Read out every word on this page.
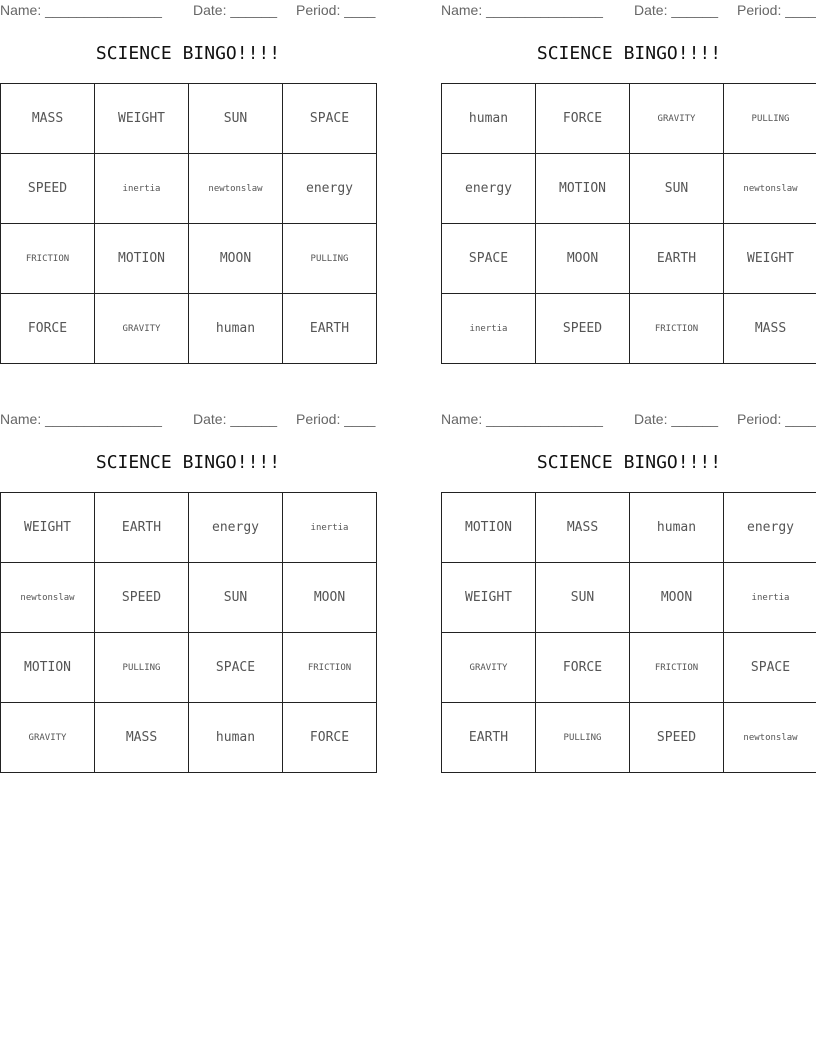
Name: _______________ Date: ______ Period: ____
SCIENCE BINGO!!!!
MASS	WEIGHT	SUN	SPACE
SPEED	inertia	newtonslaw	energy
FRICTION	MOTION	MOON	PULLING
FORCE	GRAVITY	human	EARTH
Name: _______________ Date: ______ Period: ____
SCIENCE BINGO!!!!
human	FORCE	GRAVITY	PULLING
energy	MOTION	SUN	newtonslaw
SPACE	MOON	EARTH	WEIGHT
inertia	SPEED	FRICTION	MASS
Name: _______________ Date: ______ Period: ____
SCIENCE BINGO!!!!
WEIGHT	EARTH	energy	inertia
newtonslaw	SPEED	SUN	MOON
MOTION	PULLING	SPACE	FRICTION
GRAVITY	MASS	human	FORCE
Name: _______________ Date: ______ Period: ____
SCIENCE BINGO!!!!
MOTION	MASS	human	energy
WEIGHT	SUN	MOON	inertia
GRAVITY	FORCE	FRICTION	SPACE
EARTH	PULLING	SPEED	newtonslaw
